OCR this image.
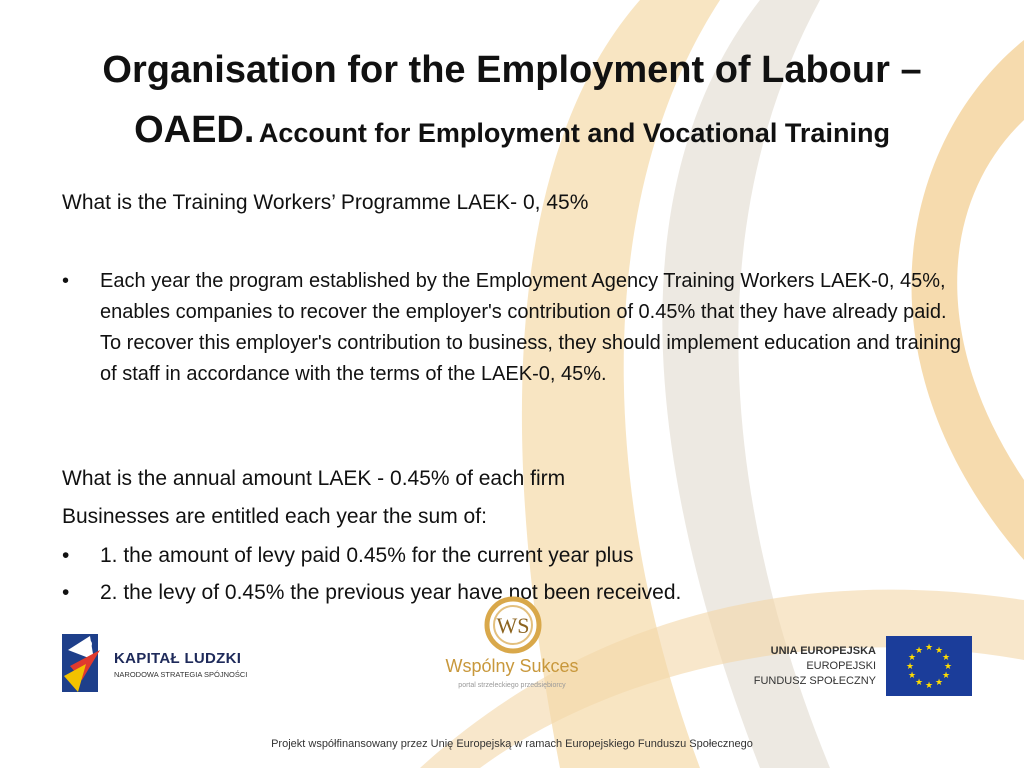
Organisation for the Employment of Labour – OAED. Account for Employment and Vocational Training
What is the Training Workers’ Programme LAEK- 0, 45%
•	Each year the program established by the Employment Agency Training Workers LAEK-0, 45%, enables companies to recover the employer's contribution of 0.45% that they have already paid. To recover this employer's contribution to business, they should implement education and training of staff in accordance with the terms of the LAEK-0, 45%.
What is the annual amount LAEK - 0.45% of each firm
Businesses are entitled each year the sum of:
•	1. the amount of levy paid 0.45% for the current year plus
•	2. the levy of 0.45% the previous year have not been received.
KAPITAŁ LUDZKI
NARODOWA STRATEGIA SPÓJNOŚCI
WS
Wspólny Sukces
portal strzeleckiego przedsiębiorcy
UNIA EUROPEJSKA
EUROPEJSKI
FUNDUSZ SPOŁECZNY
★ ★
★
★
★
★
★
★
★
★
★
★
Projekt współfinansowany przez Unię Europejską w ramach Europejskiego Funduszu Społecznego
